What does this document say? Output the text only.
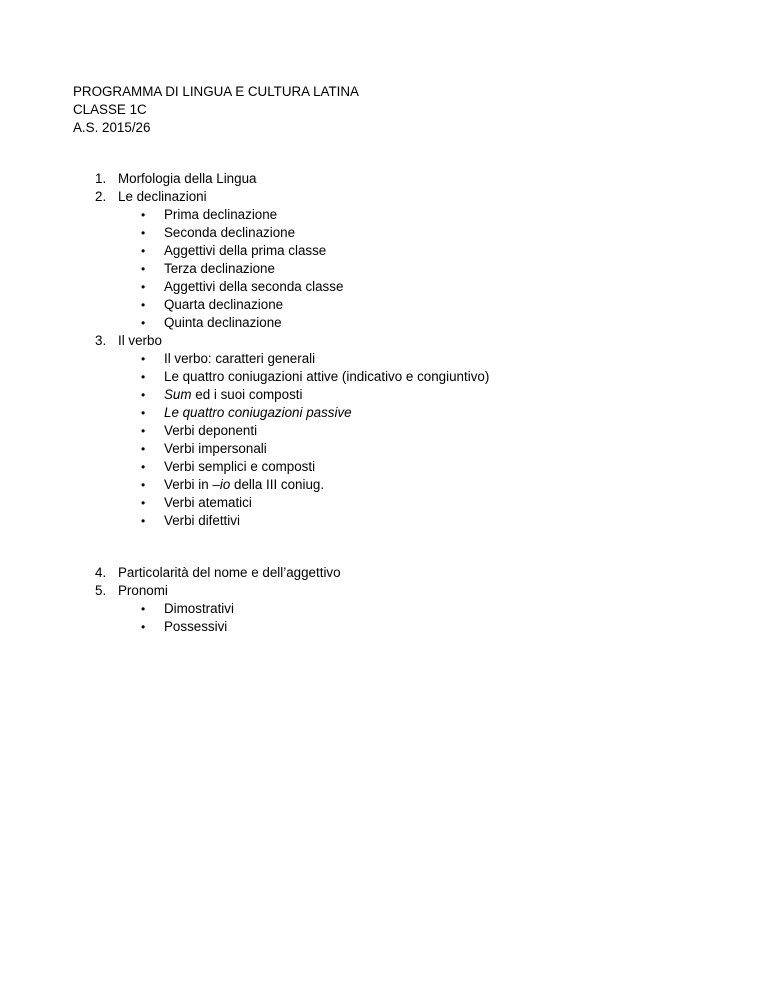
PROGRAMMA DI LINGUA E CULTURA LATINA
CLASSE 1C
A.S. 2015/26
1. Morfologia della Lingua
2. Le declinazioni
• Prima declinazione
• Seconda declinazione
• Aggettivi della prima classe
• Terza declinazione
• Aggettivi della seconda classe
• Quarta declinazione
• Quinta declinazione
3. Il verbo
• Il verbo: caratteri generali
• Le quattro coniugazioni attive (indicativo e congiuntivo)
• Sum ed i suoi composti
• Le quattro coniugazioni passive
• Verbi deponenti
• Verbi impersonali
• Verbi semplici e composti
• Verbi in –io della III coniug.
• Verbi atematici
• Verbi difettivi
4. Particolarità del nome e dell’aggettivo
5. Pronomi
• Dimostrativi
• Possessivi
